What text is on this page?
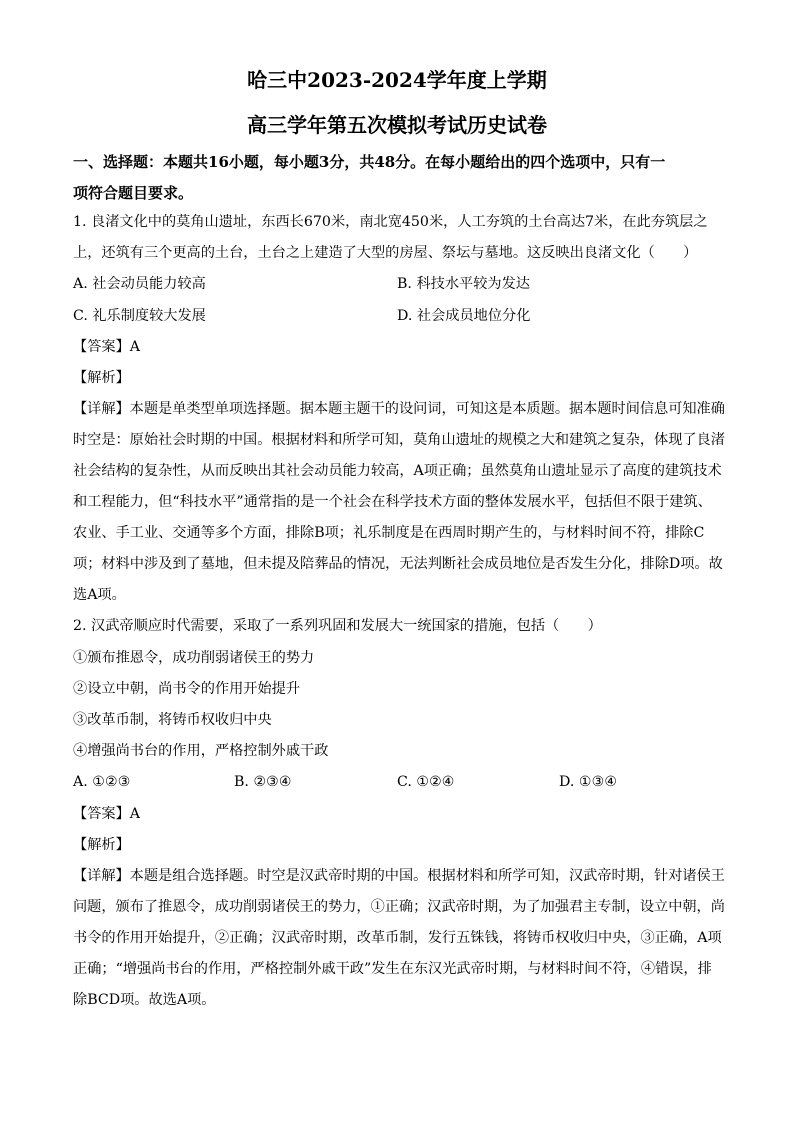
哈三中2023-2024学年度上学期
高三学年第五次模拟考试历史试卷
一、选择题：本题共16小题，每小题3分，共48分。在每小题给出的四个选项中，只有一
项符合题目要求。
1. 良渚文化中的莫角山遗址，东西长670米，南北宽450米，人工夯筑的土台高达7米，在此夯筑层之
上，还筑有三个更高的土台，土台之上建造了大型的房屋、祭坛与墓地。这反映出良渚文化（　　）
A. 社会动员能力较高	B. 科技水平较为发达
C. 礼乐制度较大发展	D. 社会成员地位分化
【答案】A
【解析】
【详解】本题是单类型单项选择题。据本题主题干的设问词，可知这是本质题。据本题时间信息可知准确
时空是：原始社会时期的中国。根据材料和所学可知，莫角山遗址的规模之大和建筑之复杂，体现了良渚
社会结构的复杂性，从而反映出其社会动员能力较高，A项正确；虽然莫角山遗址显示了高度的建筑技术
和工程能力，但“科技水平”通常指的是一个社会在科学技术方面的整体发展水平，包括但不限于建筑、
农业、手工业、交通等多个方面，排除B项；礼乐制度是在西周时期产生的，与材料时间不符，排除C
项；材料中涉及到了墓地，但未提及陪葬品的情况，无法判断社会成员地位是否发生分化，排除D项。故
选A项。
2. 汉武帝顺应时代需要，采取了一系列巩固和发展大一统国家的措施，包括（　　）
①颁布推恩令，成功削弱诸侯王的势力
②设立中朝，尚书令的作用开始提升
③改革币制，将铸币权收归中央
④增强尚书台的作用，严格控制外戚干政
A. ①②③	B. ②③④	C. ①②④	D. ①③④
【答案】A
【解析】
【详解】本题是组合选择题。时空是汉武帝时期的中国。根据材料和所学可知，汉武帝时期，针对诸侯王
问题，颁布了推恩令，成功削弱诸侯王的势力，①正确；汉武帝时期，为了加强君主专制，设立中朝，尚
书令的作用开始提升，②正确；汉武帝时期，改革币制，发行五铢钱，将铸币权收归中央，③正确，A项
正确；“增强尚书台的作用，严格控制外戚干政”发生在东汉光武帝时期，与材料时间不符，④错误，排
除BCD项。故选A项。
